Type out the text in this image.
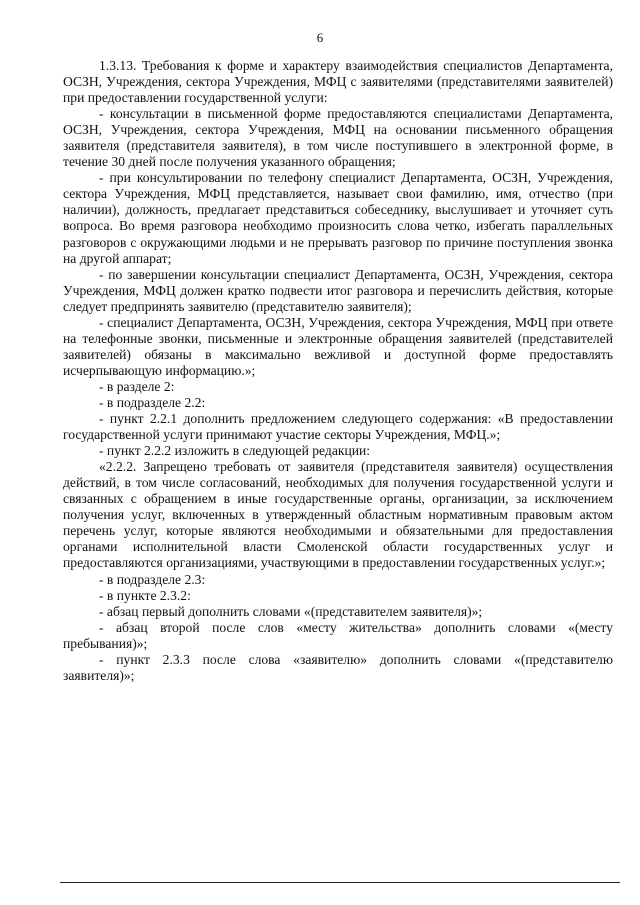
6

1.3.13. Требования к форме и характеру взаимодействия специалистов Департамента, ОСЗН, Учреждения, сектора Учреждения, МФЦ с заявителями (представителями заявителей) при предоставлении государственной услуги:

- консультации в письменной форме предоставляются специалистами Департамента, ОСЗН, Учреждения, сектора Учреждения, МФЦ на основании письменного обращения заявителя (представителя заявителя), в том числе поступившего в электронной форме, в течение 30 дней после получения указанного обращения;

- при консультировании по телефону специалист Департамента, ОСЗН, Учреждения, сектора Учреждения, МФЦ представляется, называет свои фамилию, имя, отчество (при наличии), должность, предлагает представиться собеседнику, выслушивает и уточняет суть вопроса. Во время разговора необходимо произносить слова четко, избегать параллельных разговоров с окружающими людьми и не прерывать разговор по причине поступления звонка на другой аппарат;

- по завершении консультации специалист Департамента, ОСЗН, Учреждения, сектора Учреждения, МФЦ должен кратко подвести итог разговора и перечислить действия, которые следует предпринять заявителю (представителю заявителя);

- специалист Департамента, ОСЗН, Учреждения, сектора Учреждения, МФЦ при ответе на телефонные звонки, письменные и электронные обращения заявителей (представителей заявителей) обязаны в максимально вежливой и доступной форме предоставлять исчерпывающую информацию.»;

- в разделе 2:

- в подразделе 2.2:

- пункт 2.2.1 дополнить предложением следующего содержания: «В предоставлении государственной услуги принимают участие секторы Учреждения, МФЦ.»;

- пункт 2.2.2 изложить в следующей редакции:

«2.2.2. Запрещено требовать от заявителя (представителя заявителя) осуществления действий, в том числе согласований, необходимых для получения государственной услуги и связанных с обращением в иные государственные органы, организации, за исключением получения услуг, включенных в утвержденный областным нормативным правовым актом перечень услуг, которые являются необходимыми и обязательными для предоставления органами исполнительной власти Смоленской области государственных услуг и предоставляются организациями, участвующими в предоставлении государственных услуг.»;

- в подразделе 2.3:

- в пункте 2.3.2:

- абзац первый дополнить словами «(представителем заявителя)»;

- абзац второй после слов «месту жительства» дополнить словами «(месту пребывания)»;

- пункт 2.3.3 после слова «заявителю» дополнить словами «(представителю заявителя)»;
